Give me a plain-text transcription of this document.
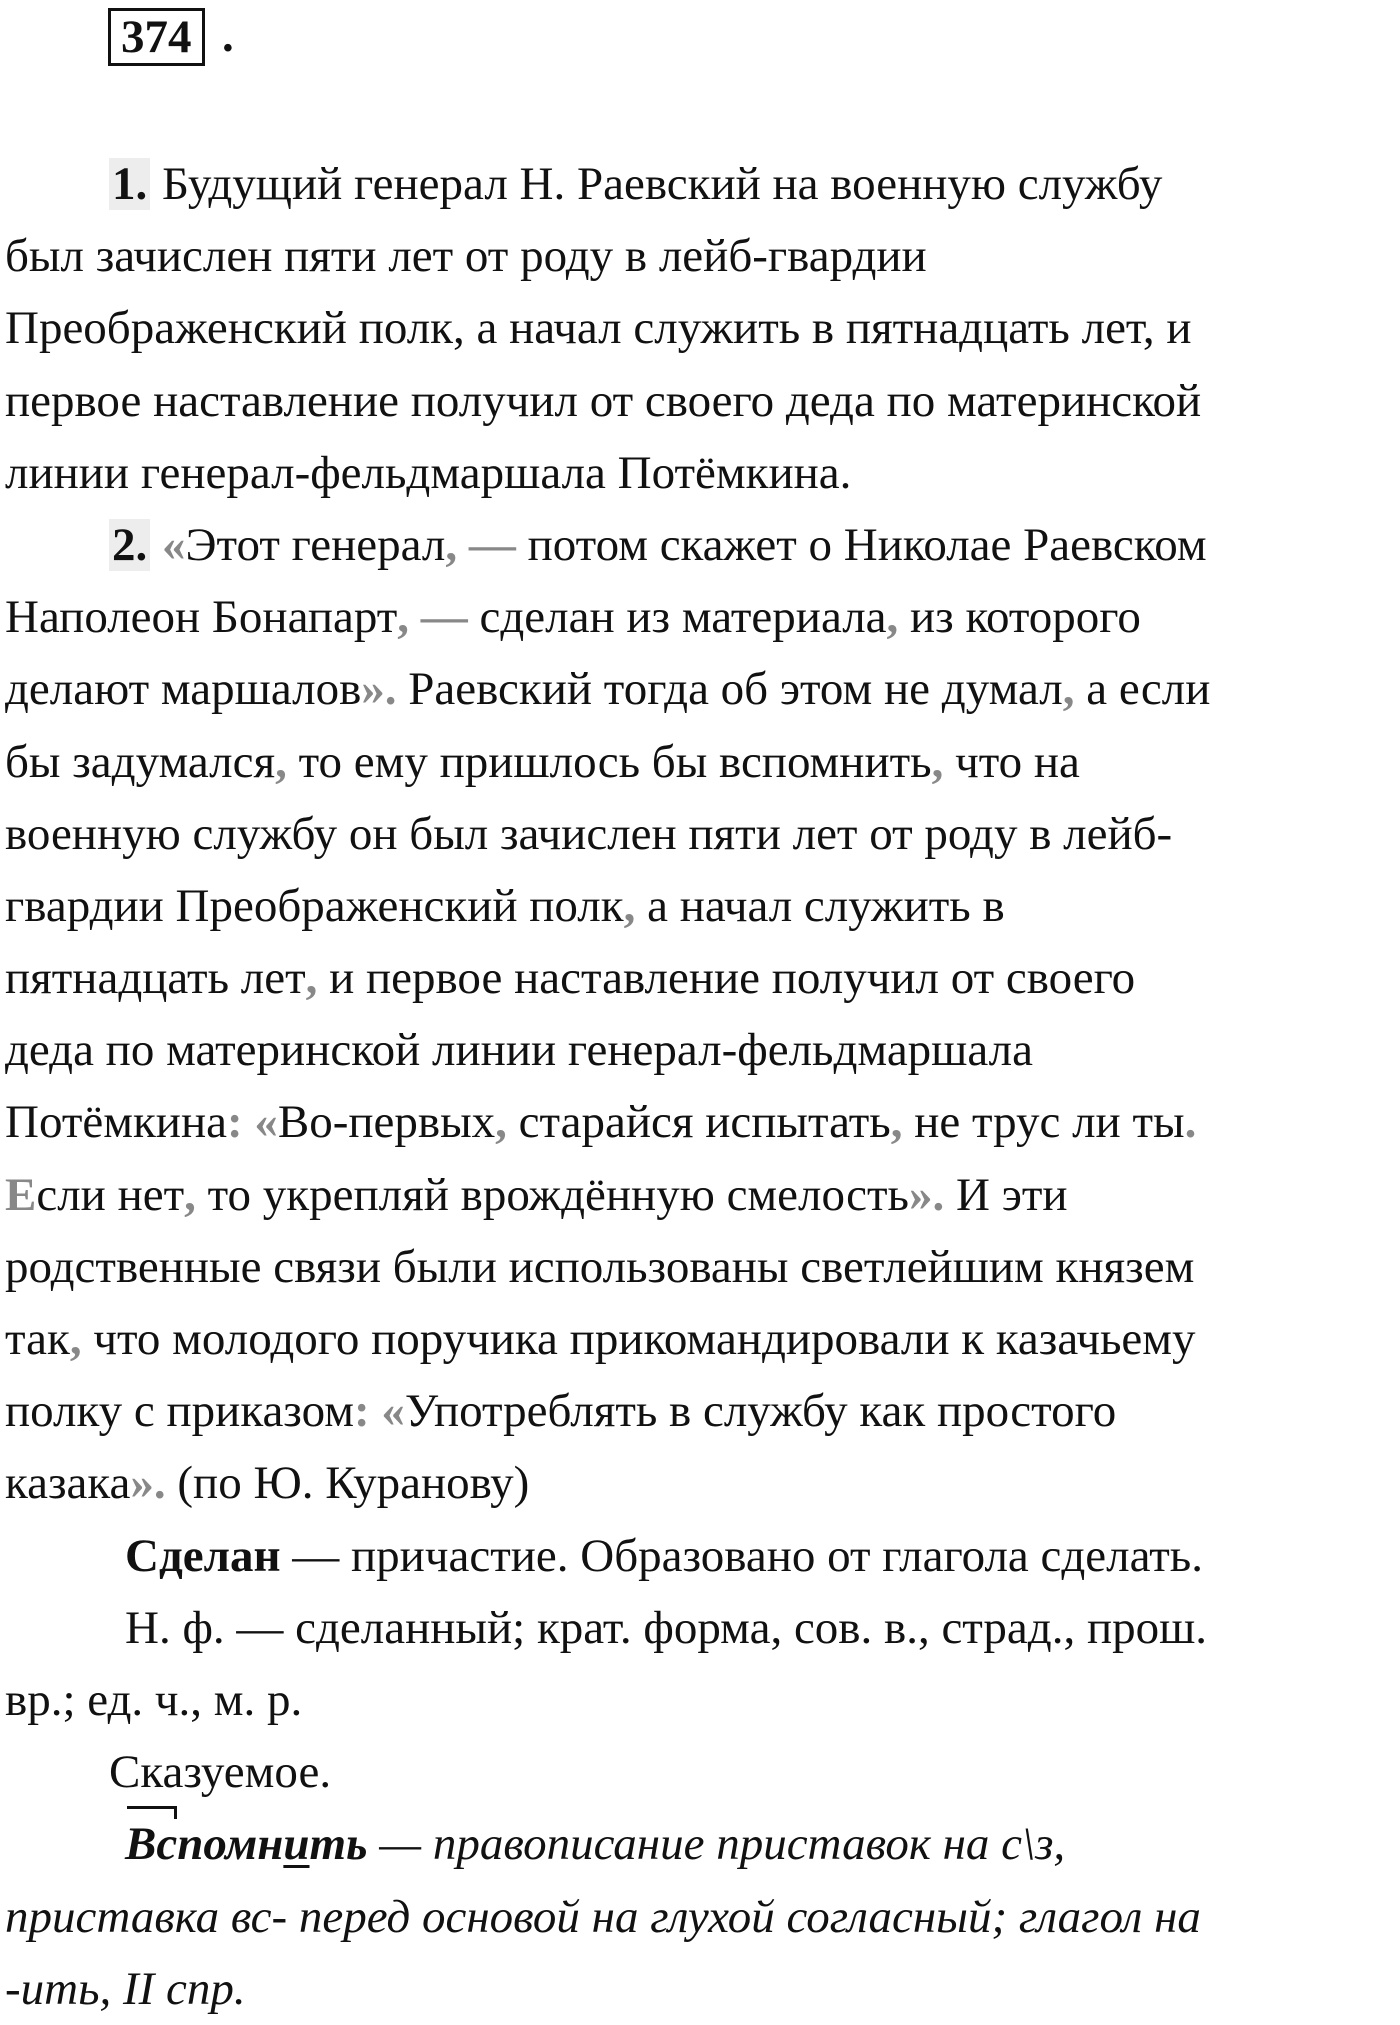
374 .
1. Будущий генерал Н. Раевский на военную службу
был зачислен пяти лет от роду в лейб-гвардии
Преображенский полк, а начал служить в пятнадцать лет, и
первое наставление получил от своего деда по материнской
линии генерал-фельдмаршала Потёмкина.
2. «Этот генерал, — потом скажет о Николае Раевском
Наполеон Бонапарт, — сделан из материала, из которого
делают маршалов». Раевский тогда об этом не думал, а если
бы задумался, то ему пришлось бы вспомнить, что на
военную службу он был зачислен пяти лет от роду в лейб-
гвардии Преображенский полк, а начал служить в
пятнадцать лет, и первое наставление получил от своего
деда по материнской линии генерал-фельдмаршала
Потёмкина: «Во-первых, старайся испытать, не трус ли ты.
Если нет, то укрепляй врождённую смелость». И эти
родственные связи были использованы светлейшим князем
так, что молодого поручика прикомандировали к казачьему
полку с приказом: «Употреблять в службу как простого
казака». (по Ю. Куранову)
Сделан — причастие. Образовано от глагола сделать.
Н. ф. — сделанный; крат. форма, сов. в., страд., прош.
вр.; ед. ч., м. р.
Сказуемое.
Вспомнить — правописание приставок на с\з,
приставка вс- перед основой на глухой согласный; глагол на
-ить, II спр.
